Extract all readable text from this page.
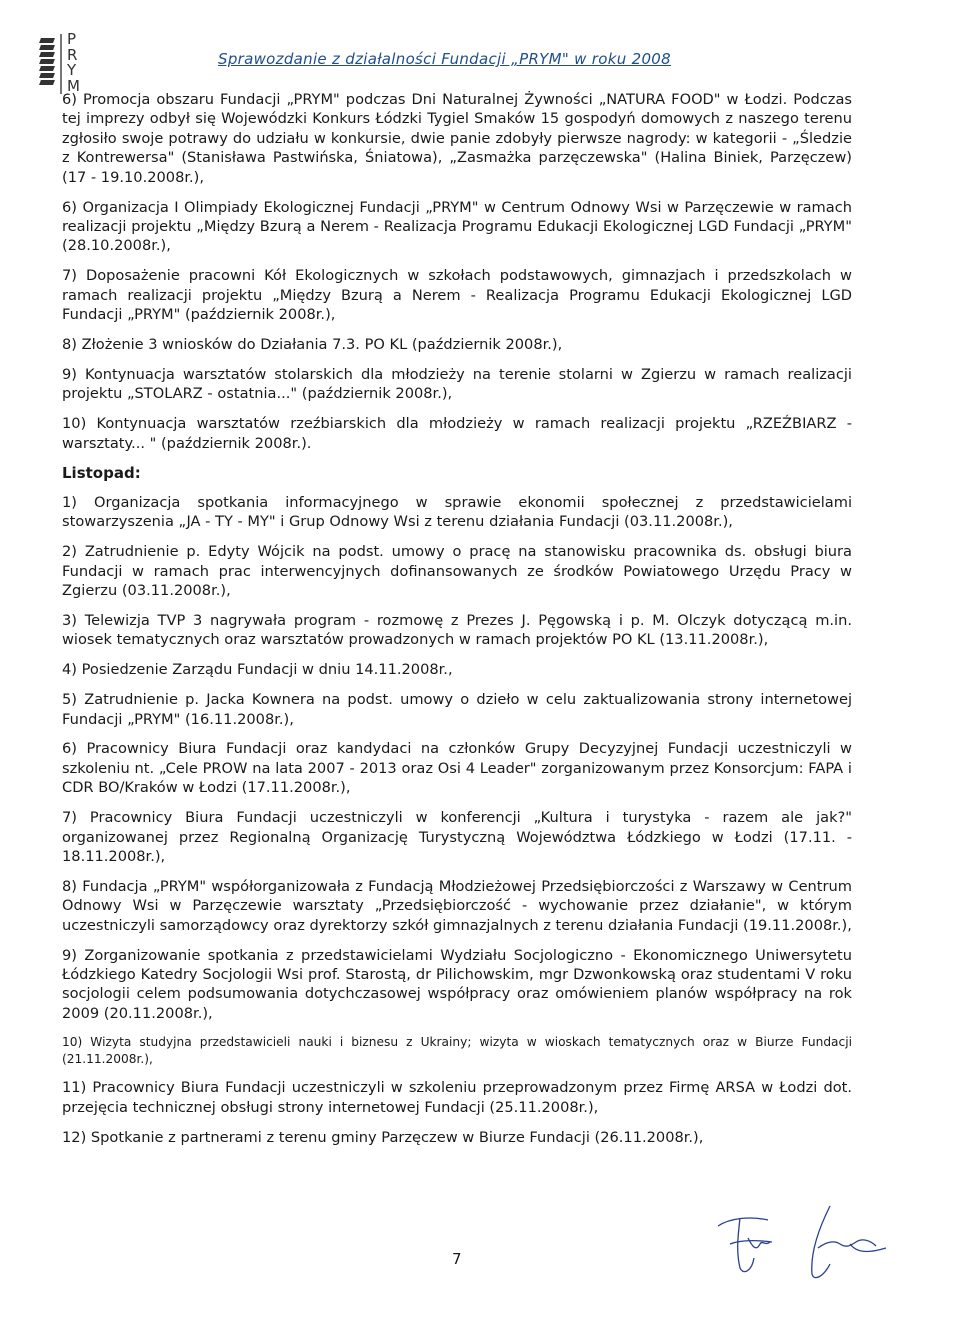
P
R
Y
M
Sprawozdanie z działalności Fundacji „PRYM" w roku 2008

6) Promocja obszaru Fundacji „PRYM" podczas Dni Naturalnej Żywności „NATURA FOOD" w Łodzi. Podczas tej imprezy odbył się Wojewódzki Konkurs Łódzki Tygiel Smaków 15 gospodyń domowych z naszego terenu zgłosiło swoje potrawy do udziału w konkursie, dwie panie zdobyły pierwsze nagrody: w kategorii - „Śledzie z Kontrewersa" (Stanisława Pastwińska, Śniatowa), „Zasmażka parzęczewska" (Halina Biniek, Parzęczew) (17 - 19.10.2008r.),

6) Organizacja I Olimpiady Ekologicznej Fundacji „PRYM" w Centrum Odnowy Wsi w Parzęczewie w ramach realizacji projektu „Między Bzurą a Nerem - Realizacja Programu Edukacji Ekologicznej LGD Fundacji „PRYM" (28.10.2008r.),

7) Doposażenie pracowni Kół Ekologicznych w szkołach podstawowych, gimnazjach i przedszkolach w ramach realizacji projektu „Między Bzurą a Nerem - Realizacja Programu Edukacji Ekologicznej LGD Fundacji „PRYM" (październik 2008r.),

8) Złożenie 3 wniosków do Działania 7.3. PO KL (październik 2008r.),

9) Kontynuacja warsztatów stolarskich dla młodzieży na terenie stolarni w Zgierzu w ramach realizacji projektu „STOLARZ - ostatnia..." (październik 2008r.),

10) Kontynuacja warsztatów rzeźbiarskich dla młodzieży w ramach realizacji projektu „RZEŹBIARZ - warsztaty... " (październik 2008r.).

Listopad:

1) Organizacja spotkania informacyjnego w sprawie ekonomii społecznej z przedstawicielami stowarzyszenia „JA - TY - MY" i Grup Odnowy Wsi z terenu działania Fundacji (03.11.2008r.),

2) Zatrudnienie p. Edyty Wójcik na podst. umowy o pracę na stanowisku pracownika ds. obsługi biura Fundacji w ramach prac interwencyjnych dofinansowanych ze środków Powiatowego Urzędu Pracy w Zgierzu (03.11.2008r.),

3) Telewizja TVP 3 nagrywała program - rozmowę z Prezes J. Pęgowską i p. M. Olczyk dotyczącą m.in. wiosek tematycznych oraz warsztatów prowadzonych w ramach projektów PO KL (13.11.2008r.),

4) Posiedzenie Zarządu Fundacji w dniu 14.11.2008r.,

5) Zatrudnienie p. Jacka Kownera na podst. umowy o dzieło w celu zaktualizowania strony internetowej Fundacji „PRYM" (16.11.2008r.),

6) Pracownicy Biura Fundacji oraz kandydaci na członków Grupy Decyzyjnej Fundacji uczestniczyli w szkoleniu nt. „Cele PROW na lata 2007 - 2013 oraz Osi 4 Leader" zorganizowanym przez Konsorcjum: FAPA i CDR BO/Kraków w Łodzi (17.11.2008r.),

7) Pracownicy Biura Fundacji uczestniczyli w konferencji „Kultura i turystyka - razem ale jak?" organizowanej przez Regionalną Organizację Turystyczną Województwa Łódzkiego w Łodzi (17.11. - 18.11.2008r.),

8) Fundacja „PRYM" współorganizowała z Fundacją Młodzieżowej Przedsiębiorczości z Warszawy w Centrum Odnowy Wsi w Parzęczewie warsztaty „Przedsiębiorczość - wychowanie przez działanie", w którym uczestniczyli samorządowcy oraz dyrektorzy szkół gimnazjalnych z terenu działania Fundacji (19.11.2008r.),

9) Zorganizowanie spotkania z przedstawicielami Wydziału Socjologiczno - Ekonomicznego Uniwersytetu Łódzkiego Katedry Socjologii Wsi prof. Starostą, dr Pilichowskim, mgr Dzwonkowską oraz studentami V roku socjologii celem podsumowania dotychczasowej współpracy oraz omówieniem planów współpracy na rok 2009 (20.11.2008r.),

10) Wizyta studyjna przedstawicieli nauki i biznesu z Ukrainy; wizyta w wioskach tematycznych oraz w Biurze Fundacji (21.11.2008r.),

11) Pracownicy Biura Fundacji uczestniczyli w szkoleniu przeprowadzonym przez Firmę ARSA w Łodzi dot. przejęcia technicznej obsługi strony internetowej Fundacji (25.11.2008r.),

12) Spotkanie z partnerami z terenu gminy Parzęczew w Biurze Fundacji (26.11.2008r.),

7
